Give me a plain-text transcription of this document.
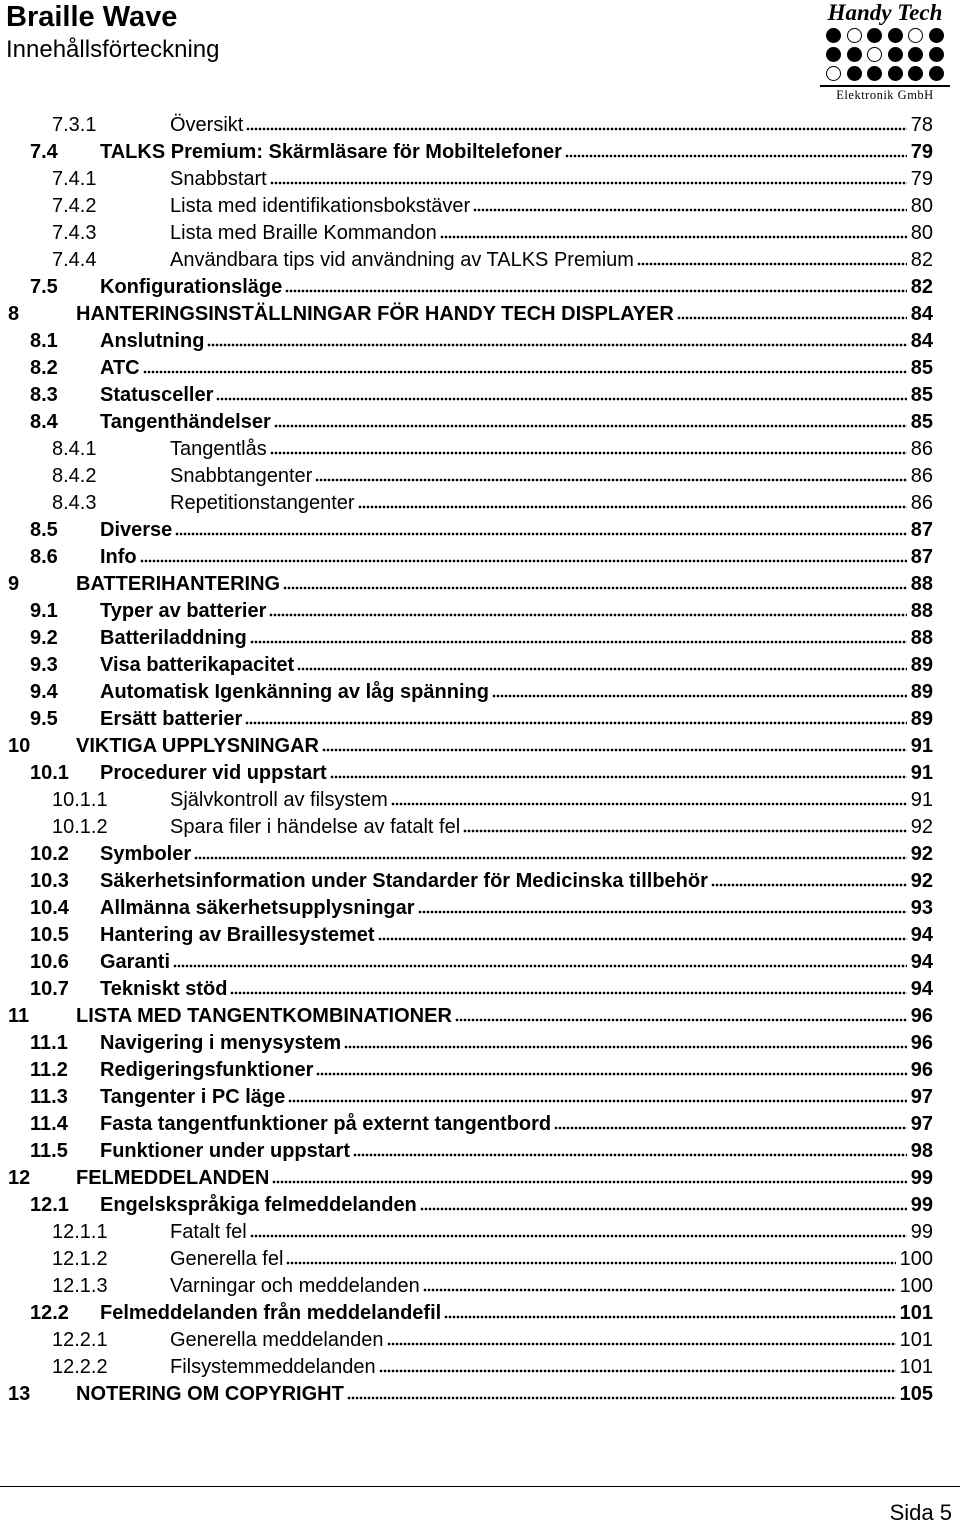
Braille Wave
Innehållsförteckning
Handy Tech
Elektronik GmbH
7.3.1	Översikt	78
7.4 TALKS Premium: Skärmläsare för Mobiltelefoner	79
7.4.1	Snabbstart	79
7.4.2	Lista med identifikationsbokstäver	80
7.4.3	Lista med Braille Kommandon	80
7.4.4	Användbara tips vid användning av TALKS Premium	82
7.5 Konfigurationsläge	82
8	HANTERINGSINSTÄLLNINGAR FÖR HANDY TECH DISPLAYER	84
8.1 Anslutning	84
8.2 ATC	85
8.3 Statusceller	85
8.4 Tangenthändelser	85
8.4.1	Tangentlås	86
8.4.2	Snabbtangenter	86
8.4.3	Repetitionstangenter	86
8.5 Diverse	87
8.6 Info	87
9	BATTERIHANTERING	88
9.1 Typer av batterier	88
9.2 Batteriladdning	88
9.3 Visa batterikapacitet	89
9.4 Automatisk Igenkänning av låg spänning	89
9.5 Ersätt batterier	89
10 VIKTIGA UPPLYSNINGAR	91
10.1 Procedurer vid uppstart	91
10.1.1	Självkontroll av filsystem	91
10.1.2	Spara filer i händelse av fatalt fel	92
10.2 Symboler	92
10.3 Säkerhetsinformation under Standarder för Medicinska tillbehör	92
10.4 Allmänna säkerhetsupplysningar	93
10.5 Hantering av Braillesystemet	94
10.6 Garanti	94
10.7 Tekniskt stöd	94
11 LISTA MED TANGENTKOMBINATIONER	96
11.1 Navigering i menysystem	96
11.2 Redigeringsfunktioner	96
11.3 Tangenter i PC läge	97
11.4 Fasta tangentfunktioner på externt tangentbord	97
11.5 Funktioner under uppstart	98
12 FELMEDDELANDEN	99
12.1 Engelskspråkiga felmeddelanden	99
12.1.1	Fatalt fel	99
12.1.2	Generella fel	100
12.1.3	Varningar och meddelanden	100
12.2 Felmeddelanden från meddelandefil	101
12.2.1	Generella meddelanden	101
12.2.2	Filsystemmeddelanden	101
13 NOTERING OM COPYRIGHT	105
Sida 5
